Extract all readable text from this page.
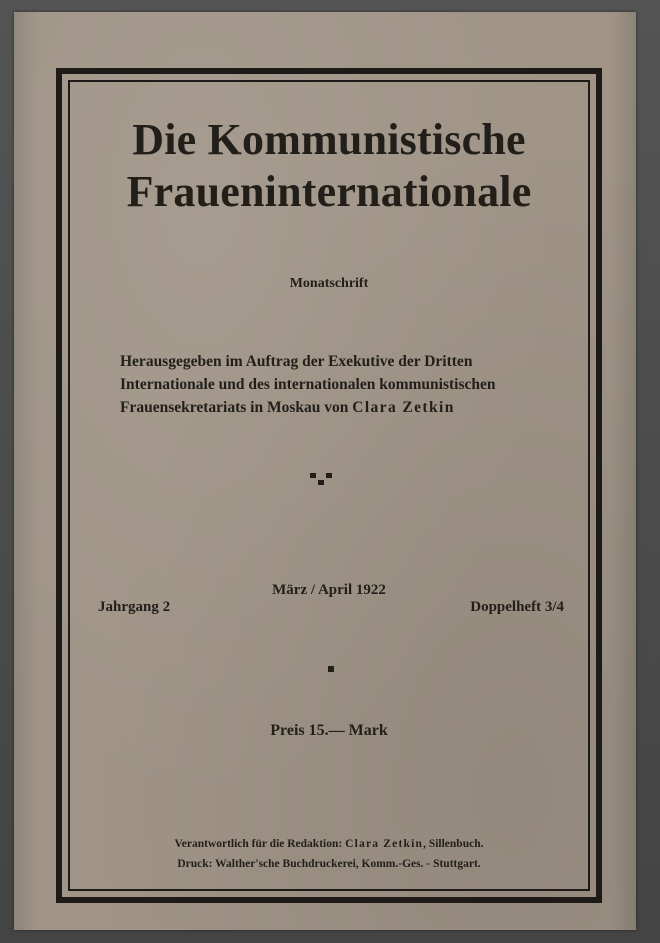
Die Kommunistische
Fraueninternationale

Monatschrift

Herausgegeben im Auftrag der Exekutive der Dritten
Internationale und des internationalen kommunistischen
Frauensekretariats in Moskau von Clara Zetkin

März / April 1922

Jahrgang 2	Doppelheft 3/4

Preis 15.— Mark

Verantwortlich für die Redaktion: Clara Zetkin, Sillenbuch.

Druck: Walther'sche Buchdruckerei, Komm.-Ges. - Stuttgart.
